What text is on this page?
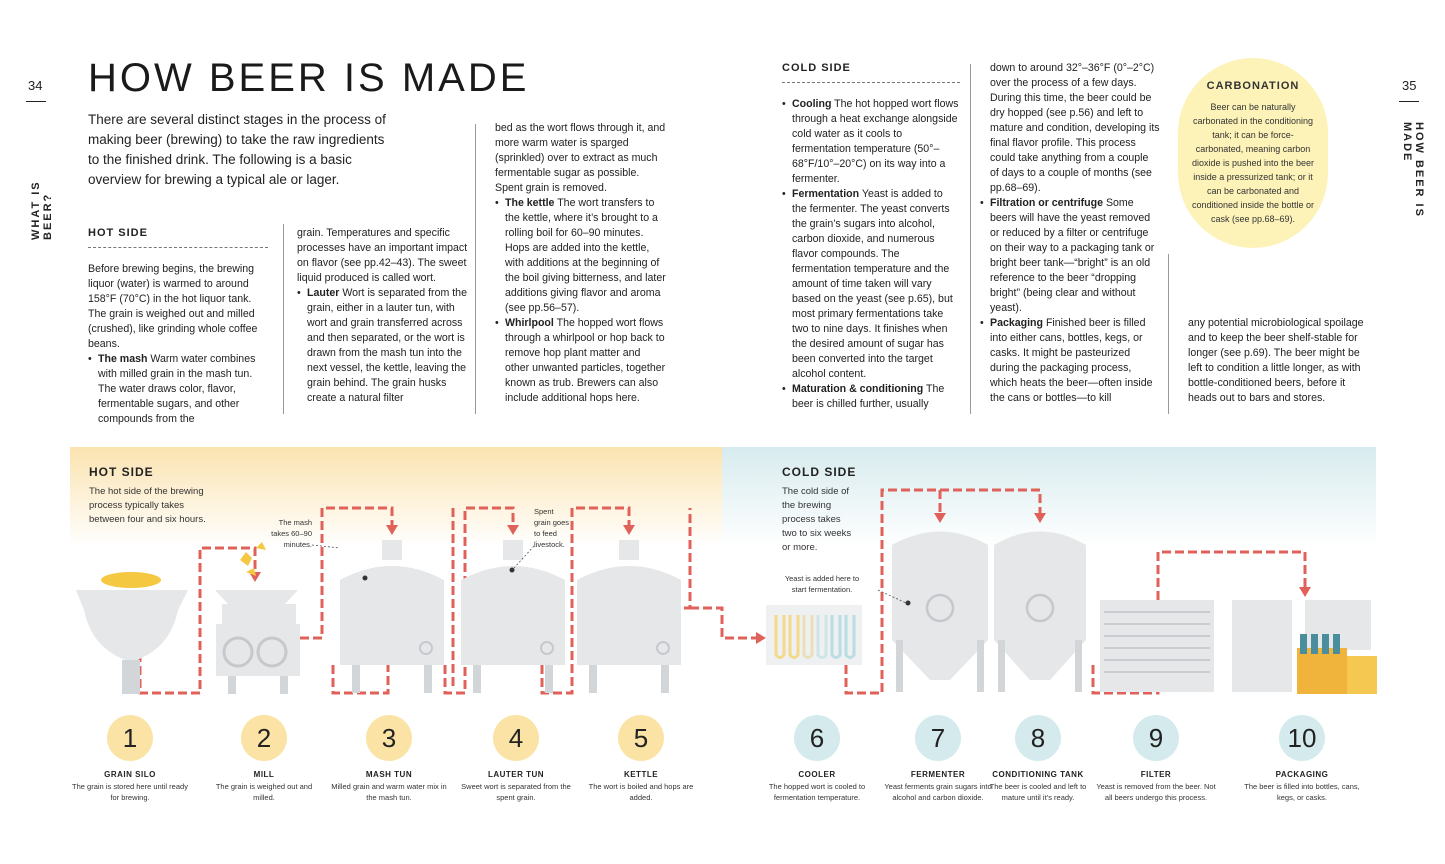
34
WHAT IS BEER?
35
HOW BEER IS MADE
HOW BEER IS MADE

There are several distinct stages in the process of making beer (brewing) to take the raw ingredients to the finished drink. The following is a basic overview for brewing a typical ale or lager.

HOT SIDE

Before brewing begins, the brewing liquor (water) is warmed to around 158°F (70°C) in the hot liquor tank. The grain is weighed out and milled (crushed), like grinding whole coffee beans.

• The mash Warm water combines with milled grain in the mash tun. The water draws color, flavor, fermentable sugars, and other compounds from the

grain. Temperatures and specific processes have an important impact on flavor (see pp.42–43). The sweet liquid produced is called wort.

• Lauter Wort is separated from the grain, either in a lauter tun, with wort and grain transferred across and then separated, or the wort is drawn from the mash tun into the next vessel, the kettle, leaving the grain behind. The grain husks create a natural filter

bed as the wort flows through it, and more warm water is sparged (sprinkled) over to extract as much fermentable sugar as possible. Spent grain is removed.

• The kettle The wort transfers to the kettle, where it’s brought to a rolling boil for 60–90 minutes. Hops are added into the kettle, with additions at the beginning of the boil giving bitterness, and later additions giving flavor and aroma (see pp.56–57).
• Whirlpool The hopped wort flows through a whirlpool or hop back to remove hop plant matter and other unwanted particles, together known as trub. Brewers can also include additional hops here.
COLD SIDE
• Cooling The hot hopped wort flows through a heat exchange alongside cold water as it cools to fermentation temperature (50°–68°F/10°–20°C) on its way into a fermenter.
• Fermentation Yeast is added to the fermenter. The yeast converts the grain’s sugars into alcohol, carbon dioxide, and numerous flavor compounds. The fermentation temperature and the amount of time taken will vary based on the yeast (see p.65), but most primary fermentations take two to nine days. It finishes when the desired amount of sugar has been converted into the target alcohol content.
• Maturation & conditioning The beer is chilled further, usually

down to around 32°–36°F (0°–2°C) over the process of a few days. During this time, the beer could be dry hopped (see p.56) and left to mature and condition, developing its final flavor profile. This process could take anything from a couple of days to a couple of months (see pp.68–69).

• Filtration or centrifuge Some beers will have the yeast removed or reduced by a filter or centrifuge on their way to a packaging tank or bright beer tank—“bright” is an old reference to the beer “dropping bright” (being clear and without yeast).
• Packaging Finished beer is filled into either cans, bottles, kegs, or casks. It might be pasteurized during the packaging process, which heats the beer—often inside the cans or bottles—to kill

any potential microbiological spoilage and to keep the beer shelf-stable for longer (see p.69). The beer might be left to condition a little longer, as with bottle-conditioned beers, before it heads out to bars and stores.

CARBONATION
Beer can be naturally carbonated in the conditioning tank; it can be force-carbonated, meaning carbon dioxide is pushed into the beer inside a pressurized tank; or it can be carbonated and conditioned inside the bottle or cask (see pp.68–69).
HOT SIDE
The hot side of the brewing process typically takes between four and six hours.
COLD SIDE
The cold side of the brewing process takes two to six weeks or more.
The mash takes 60–90 minutes.
Spent grain goes to feed livestock.
Yeast is added here to start fermentation.
1
GRAIN SILO
The grain is stored here until ready for brewing.
2
MILL
The grain is weighed out and milled.
3
MASH TUN
Milled grain and warm water mix in the mash tun.
4
LAUTER TUN
Sweet wort is separated from the spent grain.
5
KETTLE
The wort is boiled and hops are added.
6
COOLER
The hopped wort is cooled to fermentation temperature.
7
FERMENTER
Yeast ferments grain sugars into alcohol and carbon dioxide.
8
CONDITIONING TANK
The beer is cooled and left to mature until it’s ready.
9
FILTER
Yeast is removed from the beer. Not all beers undergo this process.
10
PACKAGING
The beer is filled into bottles, cans, kegs, or casks.
